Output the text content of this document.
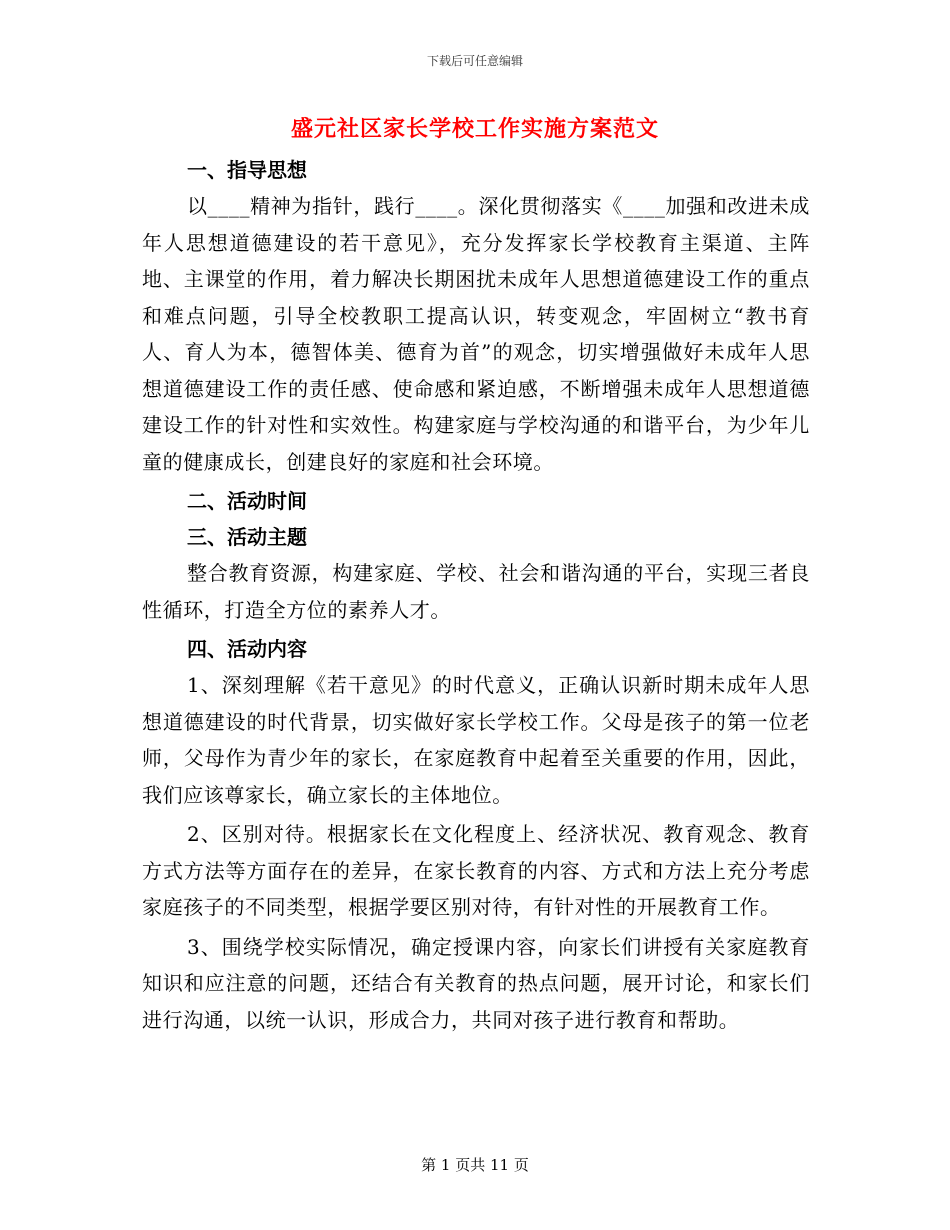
下载后可任意编辑
盛元社区家长学校工作实施方案范文
一、指导思想
以____精神为指针，践行____。深化贯彻落实《____加强和改进未成年人思想道德建设的若干意见》，充分发挥家长学校教育主渠道、主阵地、主课堂的作用，着力解决长期困扰未成年人思想道德建设工作的重点和难点问题，引导全校教职工提高认识，转变观念，牢固树立“教书育人、育人为本，德智体美、德育为首”的观念，切实增强做好未成年人思想道德建设工作的责任感、使命感和紧迫感，不断增强未成年人思想道德建设工作的针对性和实效性。构建家庭与学校沟通的和谐平台，为少年儿童的健康成长，创建良好的家庭和社会环境。
二、活动时间
三、活动主题
整合教育资源，构建家庭、学校、社会和谐沟通的平台，实现三者良性循环，打造全方位的素养人才。
四、活动内容
1、深刻理解《若干意见》的时代意义，正确认识新时期未成年人思想道德建设的时代背景，切实做好家长学校工作。父母是孩子的第一位老师，父母作为青少年的家长，在家庭教育中起着至关重要的作用，因此，我们应该尊家长，确立家长的主体地位。
2、区别对待。根据家长在文化程度上、经济状况、教育观念、教育方式方法等方面存在的差异，在家长教育的内容、方式和方法上充分考虑家庭孩子的不同类型，根据学要区别对待，有针对性的开展教育工作。
3、围绕学校实际情况，确定授课内容，向家长们讲授有关家庭教育知识和应注意的问题，还结合有关教育的热点问题，展开讨论，和家长们进行沟通，以统一认识，形成合力，共同对孩子进行教育和帮助。
第 1 页共 11 页
